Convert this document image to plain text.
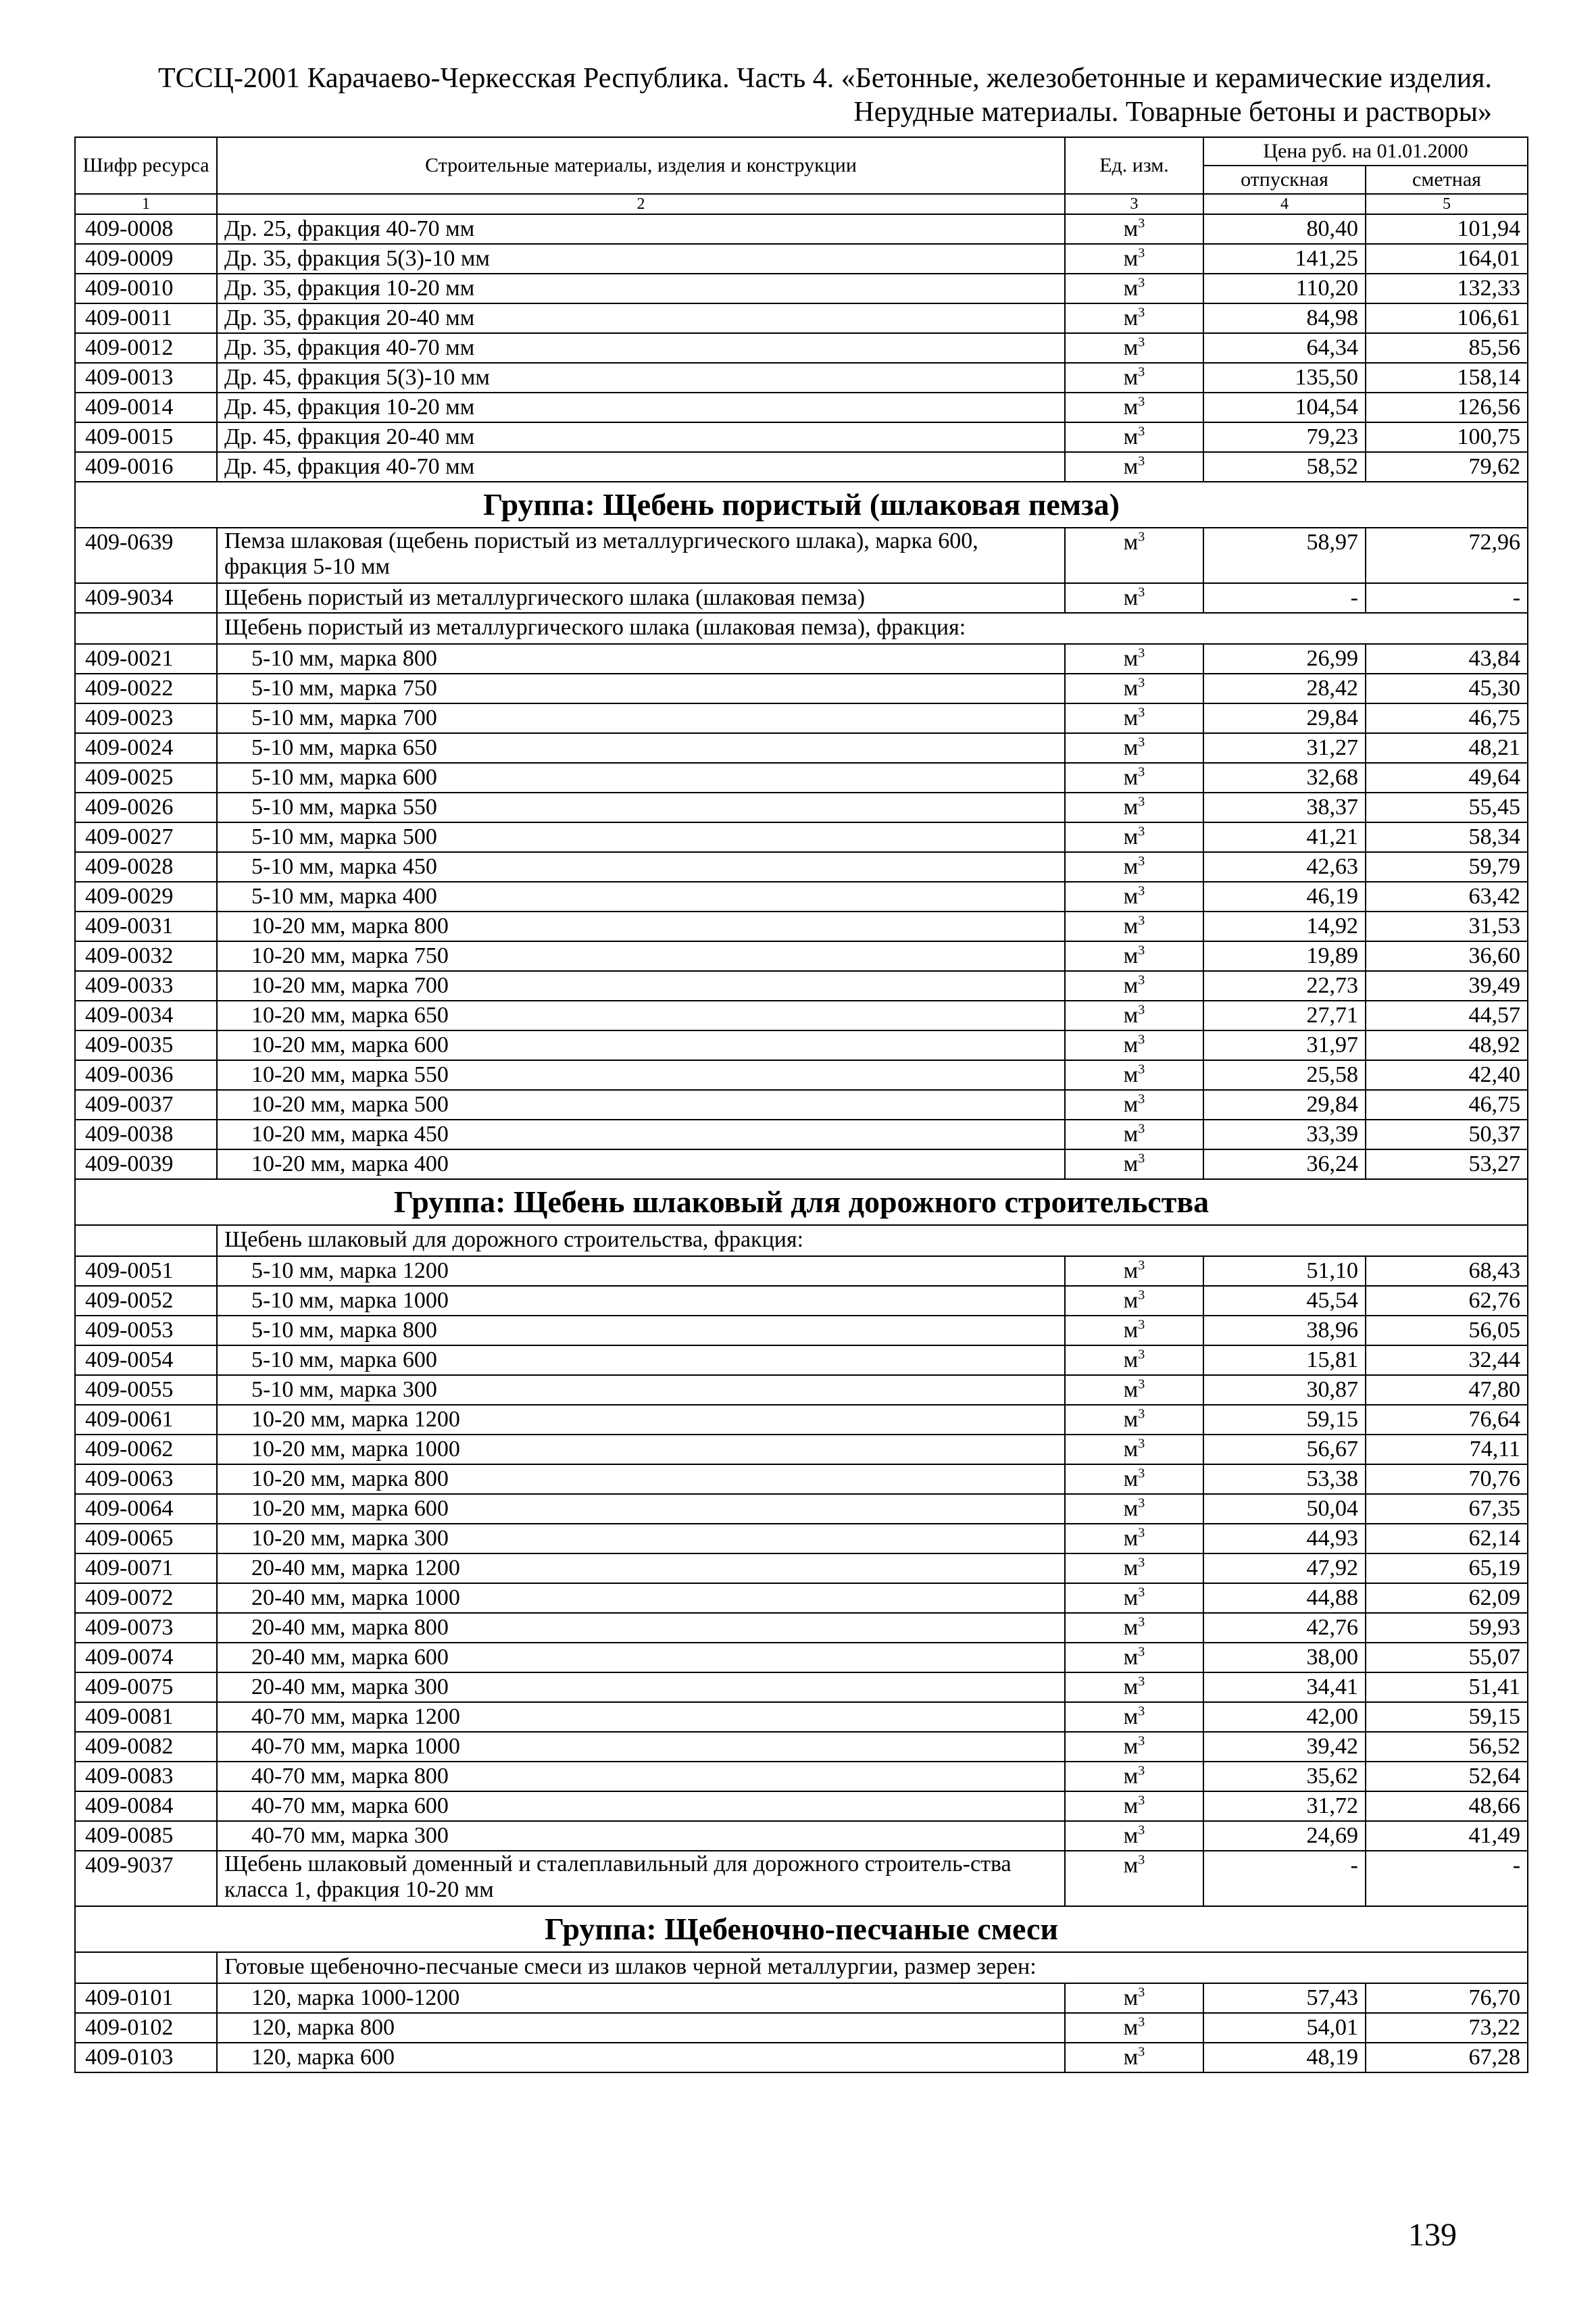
ТССЦ-2001 Карачаево-Черкесская Республика. Часть 4. «Бетонные, железобетонные и керамические изделия.
Нерудные материалы. Товарные бетоны и растворы»
Шифр ресурса	Строительные материалы, изделия и конструкции	Ед. изм.	Цена руб. на 01.01.2000	
			отпускная	сметная
1	2	3	4	5
409-0008	Др. 25, фракция 40-70 мм	$м^3$	80,40	101,94
409-0009	Др. 35, фракция 5(3)-10 мм	$м^3$	141,25	164,01
409-0010	Др. 35, фракция 10-20 мм	$м^3$	110,20	132,33
409-0011	Др. 35, фракция 20-40 мм	$м^3$	84,98	106,61
409-0012	Др. 35, фракция 40-70 мм	$м^3$	64,34	85,56
409-0013	Др. 45, фракция 5(3)-10 мм	$м^3$	135,50	158,14
409-0014	Др. 45, фракция 10-20 мм	$м^3$	104,54	126,56
409-0015	Др. 45, фракция 20-40 мм	$м^3$	79,23	100,75
409-0016	Др. 45, фракция 40-70 мм	$м^3$	58,52	79,62
Группа: Щебень пористый (шлаковая пемза)				
409-0639	Пемза шлаковая (щебень пористый из металлургического шлака), марка 600, фракция 5-10 мм	$м^3$	58,97	72,96
409-9034	Щебень пористый из металлургического шлака (шлаковая пемза)	$м^3$	-	-
	Щебень пористый из металлургического шлака (шлаковая пемза), фракция:			
409-0021	5-10 мм, марка 800	$м^3$	26,99	43,84
409-0022	5-10 мм, марка 750	$м^3$	28,42	45,30
409-0023	5-10 мм, марка 700	$м^3$	29,84	46,75
409-0024	5-10 мм, марка 650	$м^3$	31,27	48,21
409-0025	5-10 мм, марка 600	$м^3$	32,68	49,64
409-0026	5-10 мм, марка 550	$м^3$	38,37	55,45
409-0027	5-10 мм, марка 500	$м^3$	41,21	58,34
409-0028	5-10 мм, марка 450	$м^3$	42,63	59,79
409-0029	5-10 мм, марка 400	$м^3$	46,19	63,42
409-0031	10-20 мм, марка 800	$м^3$	14,92	31,53
409-0032	10-20 мм, марка 750	$м^3$	19,89	36,60
409-0033	10-20 мм, марка 700	$м^3$	22,73	39,49
409-0034	10-20 мм, марка 650	$м^3$	27,71	44,57
409-0035	10-20 мм, марка 600	$м^3$	31,97	48,92
409-0036	10-20 мм, марка 550	$м^3$	25,58	42,40
409-0037	10-20 мм, марка 500	$м^3$	29,84	46,75
409-0038	10-20 мм, марка 450	$м^3$	33,39	50,37
409-0039	10-20 мм, марка 400	$м^3$	36,24	53,27
Группа: Щебень шлаковый для дорожного строительства				
	Щебень шлаковый для дорожного строительства, фракция:			
409-0051	5-10 мм, марка 1200	$м^3$	51,10	68,43
409-0052	5-10 мм, марка 1000	$м^3$	45,54	62,76
409-0053	5-10 мм, марка 800	$м^3$	38,96	56,05
409-0054	5-10 мм, марка 600	$м^3$	15,81	32,44
409-0055	5-10 мм, марка 300	$м^3$	30,87	47,80
409-0061	10-20 мм, марка 1200	$м^3$	59,15	76,64
409-0062	10-20 мм, марка 1000	$м^3$	56,67	74,11
409-0063	10-20 мм, марка 800	$м^3$	53,38	70,76
409-0064	10-20 мм, марка 600	$м^3$	50,04	67,35
409-0065	10-20 мм, марка 300	$м^3$	44,93	62,14
409-0071	20-40 мм, марка 1200	$м^3$	47,92	65,19
409-0072	20-40 мм, марка 1000	$м^3$	44,88	62,09
409-0073	20-40 мм, марка 800	$м^3$	42,76	59,93
409-0074	20-40 мм, марка 600	$м^3$	38,00	55,07
409-0075	20-40 мм, марка 300	$м^3$	34,41	51,41
409-0081	40-70 мм, марка 1200	$м^3$	42,00	59,15
409-0082	40-70 мм, марка 1000	$м^3$	39,42	56,52
409-0083	40-70 мм, марка 800	$м^3$	35,62	52,64
409-0084	40-70 мм, марка 600	$м^3$	31,72	48,66
409-0085	40-70 мм, марка 300	$м^3$	24,69	41,49
409-9037	Щебень шлаковый доменный и сталеплавильный для дорожного строитель-ства класса 1, фракция 10-20 мм	$м^3$	-	-
Группа: Щебеночно-песчаные смеси				
	Готовые щебеночно-песчаные смеси из шлаков черной металлургии, размер зерен:			
409-0101	120, марка 1000-1200	$м^3$	57,43	76,70
409-0102	120, марка 800	$м^3$	54,01	73,22
409-0103	120, марка 600	$м^3$	48,19	67,28
139
